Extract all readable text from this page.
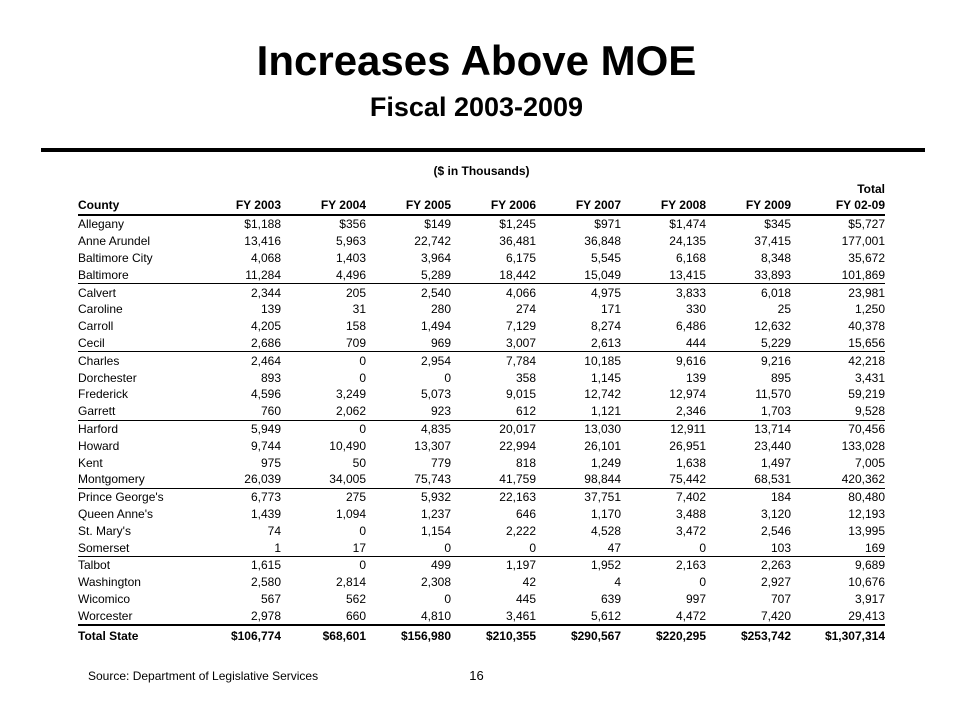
Increases Above MOE
Fiscal 2003-2009
($ in Thousands)
								Total
County	FY 2003	FY 2004	FY 2005	FY 2006	FY 2007	FY 2008	FY 2009	FY 02-09
Allegany	$1,188	$356	$149	$1,245	$971	$1,474	$345	$5,727
Anne Arundel	13,416	5,963	22,742	36,481	36,848	24,135	37,415	177,001
Baltimore City	4,068	1,403	3,964	6,175	5,545	6,168	8,348	35,672
Baltimore	11,284	4,496	5,289	18,442	15,049	13,415	33,893	101,869
Calvert	2,344	205	2,540	4,066	4,975	3,833	6,018	23,981
Caroline	139	31	280	274	171	330	25	1,250
Carroll	4,205	158	1,494	7,129	8,274	6,486	12,632	40,378
Cecil	2,686	709	969	3,007	2,613	444	5,229	15,656
Charles	2,464	0	2,954	7,784	10,185	9,616	9,216	42,218
Dorchester	893	0	0	358	1,145	139	895	3,431
Frederick	4,596	3,249	5,073	9,015	12,742	12,974	11,570	59,219
Garrett	760	2,062	923	612	1,121	2,346	1,703	9,528
Harford	5,949	0	4,835	20,017	13,030	12,911	13,714	70,456
Howard	9,744	10,490	13,307	22,994	26,101	26,951	23,440	133,028
Kent	975	50	779	818	1,249	1,638	1,497	7,005
Montgomery	26,039	34,005	75,743	41,759	98,844	75,442	68,531	420,362
Prince George's	6,773	275	5,932	22,163	37,751	7,402	184	80,480
Queen Anne's	1,439	1,094	1,237	646	1,170	3,488	3,120	12,193
St. Mary's	74	0	1,154	2,222	4,528	3,472	2,546	13,995
Somerset	1	17	0	0	47	0	103	169
Talbot	1,615	0	499	1,197	1,952	2,163	2,263	9,689
Washington	2,580	2,814	2,308	42	4	0	2,927	10,676
Wicomico	567	562	0	445	639	997	707	3,917
Worcester	2,978	660	4,810	3,461	5,612	4,472	7,420	29,413
Total State	$106,774	$68,601	$156,980	$210,355	$290,567	$220,295	$253,742	$1,307,314
Source: Department of Legislative Services	16
